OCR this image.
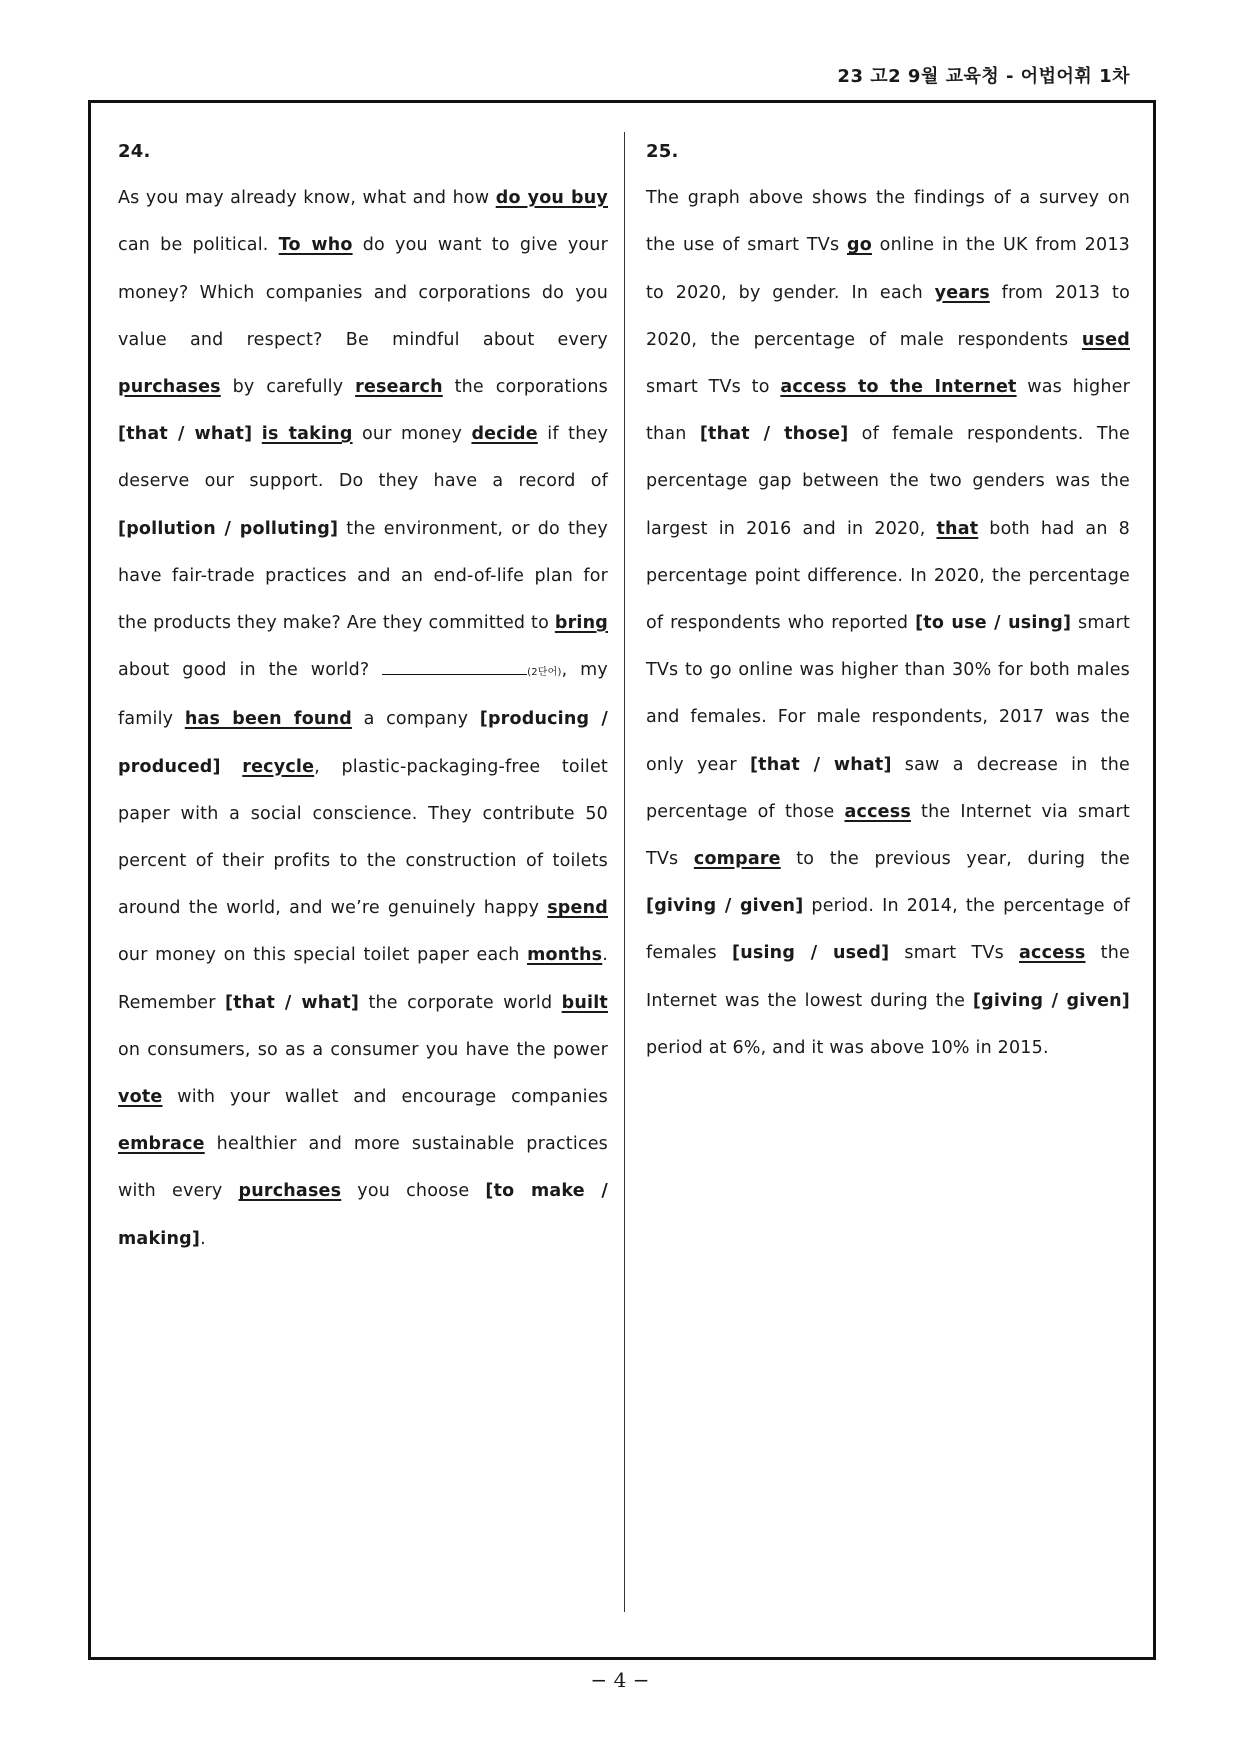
23 고2 9월 교육청 - 어법어휘 1차
24.

As you may already know, what and how do you buy can be political. To who do you want to give your money? Which companies and corporations do you value and respect? Be mindful about every purchases by carefully research the corporations [that / what] is taking our money decide if they deserve our support. Do they have a record of [pollution / polluting] the environment, or do they have fair-trade practices and an end-of-life plan for the products they make? Are they committed to bring about good in the world?	(2단어), my family has been found a company [producing / produced] recycle, plastic-packaging-free toilet paper with a social conscience. They contribute 50 percent of their profits to the construction of toilets around the world, and we’re genuinely happy spend our money on this special toilet paper each months. Remember [that / what] the corporate world built on consumers, so as a consumer you have the power vote with your wallet and encourage companies embrace healthier and more sustainable practices with every purchases you choose [to make / making].

25.

The graph above shows the findings of a survey on the use of smart TVs go online in the UK from 2013 to 2020, by gender. In each years from 2013 to 2020, the percentage of male respondents used smart TVs to access to the Internet was higher than [that / those] of female respondents. The percentage gap between the two genders was the largest in 2016 and in 2020, that both had an 8 percentage point difference. In 2020, the percentage of respondents who reported [to use / using] smart TVs to go online was higher than 30% for both males and females. For male respondents, 2017 was the only year [that / what] saw a decrease in the percentage of those access the Internet via smart TVs compare to the previous year, during the [giving / given] period. In 2014, the percentage of females [using / used] smart TVs access the Internet was the lowest during the [giving / given] period at 6%, and it was above 10% in 2015.

− 4 −
